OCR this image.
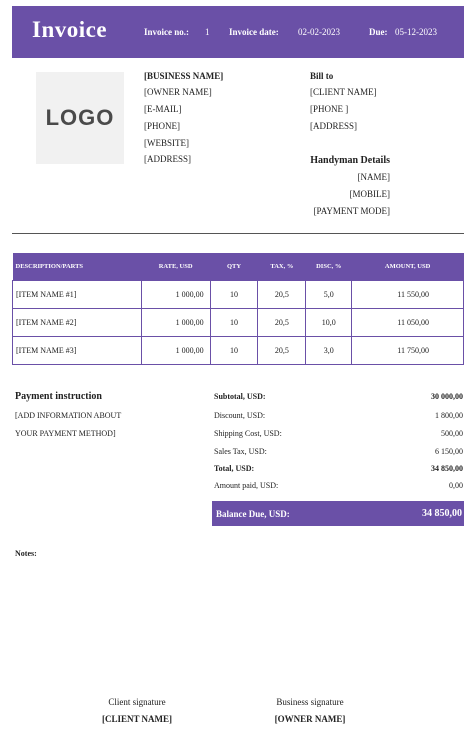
Invoice	Invoice no.: 1 Invoice date: 02-02-2023	Due: 05-12-2023
LOGO
[BUSINESS NAME]
[OWNER NAME]
[E-MAIL]
[PHONE]
[WEBSITE]
[ADDRESS]
Bill to
[CLIENT NAME]
[PHONE ]
[ADDRESS]
Handyman Details
[NAME]
[MOBILE]
[PAYMENT MODE]
DESCRIPTION/PARTS	RATE, USD	QTY	TAX, %	DISC, %	AMOUNT, USD
[ITEM NAME #1]	1 000,00	10	20,5	5,0	11 550,00
[ITEM NAME #2]	1 000,00	10	20,5	10,0	11 050,00
[ITEM NAME #3]	1 000,00	10	20,5	3,0	11 750,00
Payment instruction
[ADD INFORMATION ABOUT
YOUR PAYMENT METHOD]
Subtotal, USD:	30 000,00
Discount, USD:	1 800,00
Shipping Cost, USD:	500,00
Sales Tax, USD:	6 150,00
Total, USD:	34 850,00
Amount paid, USD:	0,00
Balance Due, USD:	34 850,00
Notes:
Client signature
[CLIENT NAME]
Business signature
[OWNER NAME]
